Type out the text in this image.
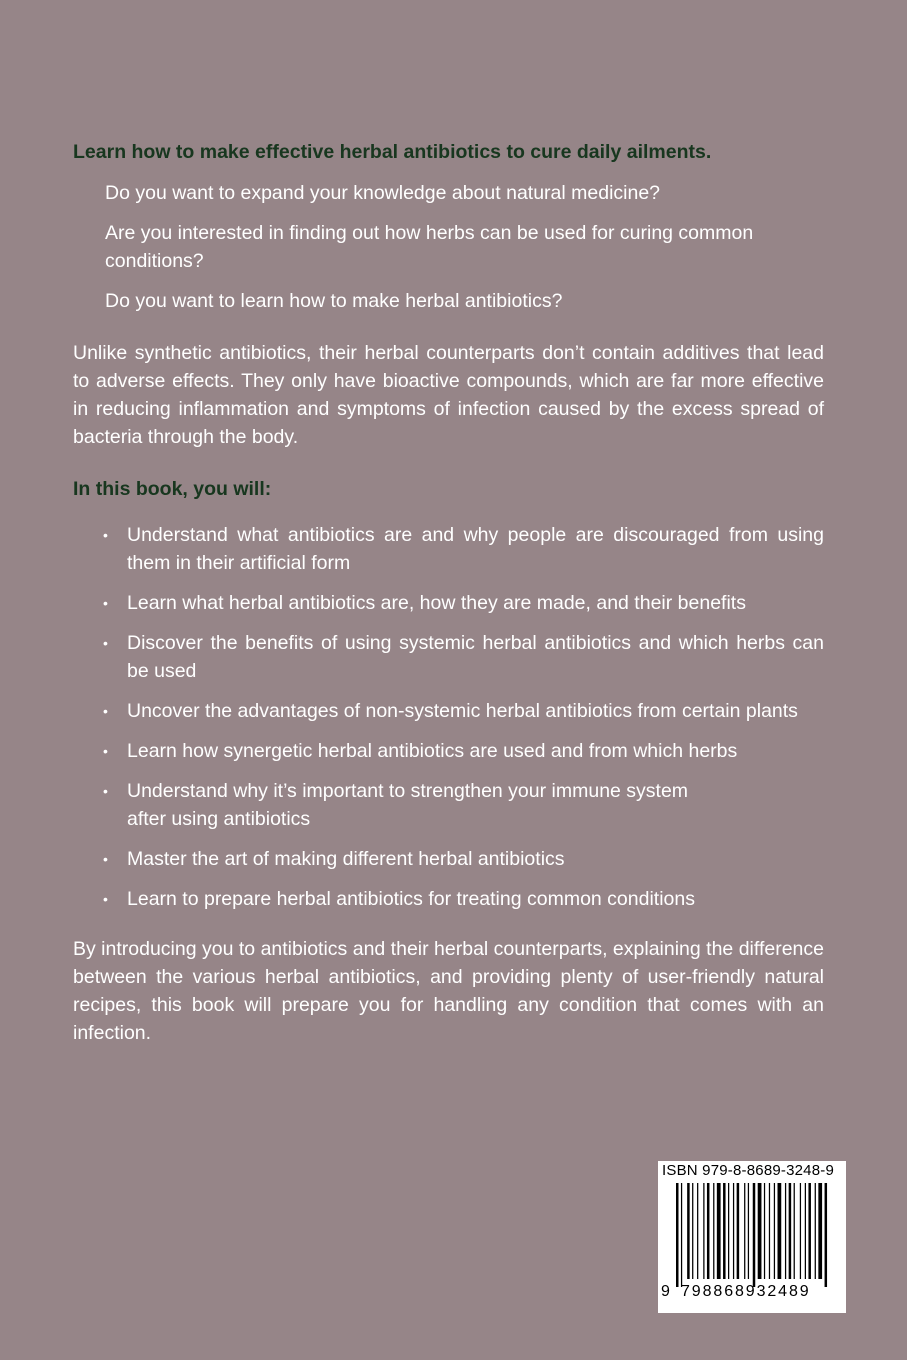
Learn how to make effective herbal antibiotics to cure daily ailments.

Do you want to expand your knowledge about natural medicine?

Are you interested in finding out how herbs can be used for curing common conditions?

Do you want to learn how to make herbal antibiotics?

Unlike synthetic antibiotics, their herbal counterparts don’t contain additives that lead to adverse effects. They only have bioactive compounds, which are far more effective in reducing inflammation and symptoms of infection caused by the excess spread of bacteria through the body.

In this book, you will:

• Understand what antibiotics are and why people are discouraged from using them in their artificial form
• Learn what herbal antibiotics are, how they are made, and their benefits
• Discover the benefits of using systemic herbal antibiotics and which herbs can be used
• Uncover the advantages of non-systemic herbal antibiotics from certain plants
• Learn how synergetic herbal antibiotics are used and from which herbs
• Understand why it’s important to strengthen your immune system after using antibiotics
• Master the art of making different herbal antibiotics
• Learn to prepare herbal antibiotics for treating common conditions

By introducing you to antibiotics and their herbal counterparts, explaining the difference between the various herbal antibiotics, and providing plenty of user-friendly natural recipes, this book will prepare you for handling any condition that comes with an infection.

ISBN 979-8-8689-3248-9
9 798868932489
